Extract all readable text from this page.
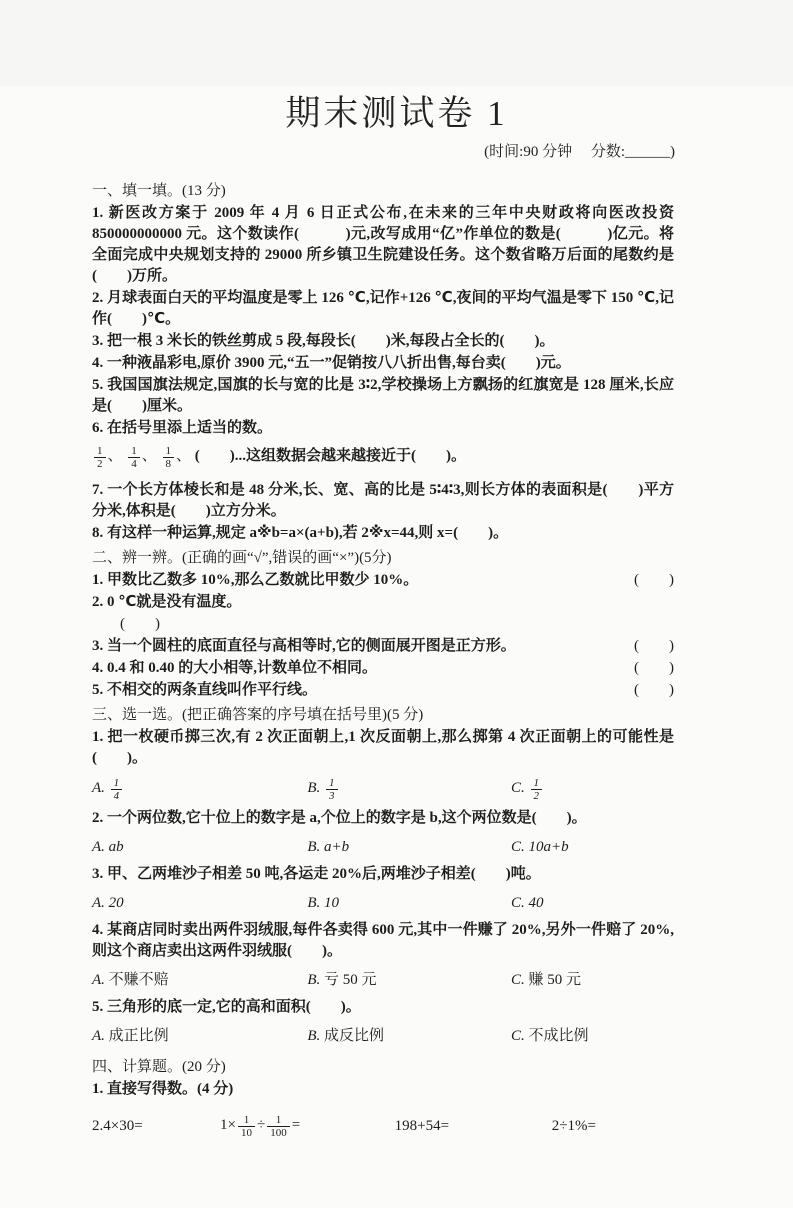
期末测试卷 1
(时间:90 分钟　 分数:______)
一、填一填。(13 分)

1. 新医改方案于 2009 年 4 月 6 日正式公布,在未来的三年中央财政将向医改投资 850000000000 元。这个数读作(　　　)元,改写成用“亿”作单位的数是(　　　)亿元。将全面完成中央规划支持的 29000 所乡镇卫生院建设任务。这个数省略万后面的尾数约是(　　)万所。

2. 月球表面白天的平均温度是零上 126 ℃,记作+126 ℃,夜间的平均气温是零下 150 ℃,记作(　　)℃。

3. 把一根 3 米长的铁丝剪成 5 段,每段长(　　)米,每段占全长的(　　)。

4. 一种液晶彩电,原价 3900 元,“五一”促销按八八折出售,每台卖(　　)元。

5. 我国国旗法规定,国旗的长与宽的比是 3∶2,学校操场上方飘扬的红旗宽是 128 厘米,长应是(　　)厘米。

6. 在括号里添上适当的数。

$\frac{1}{2}$ 、 $\frac{1}{4}$ 、 $\frac{1}{8}$ 、 (　　)...这组数据会越来越接近于(　　)。

7. 一个长方体棱长和是 48 分米,长、宽、高的比是 5∶4∶3,则长方体的表面积是(　　)平方分米,体积是(　　)立方分米。

8. 有这样一种运算,规定 a※b=a×(a+b),若 2※x=44,则 x=(　　)。

二、辨一辨。(正确的画“√”,错误的画“×”)(5分)
1. 甲数比乙数多 10%,那么乙数就比甲数少 10%。	(　　)
2. 0 ℃就是没有温度。
(　　)
3. 当一个圆柱的底面直径与高相等时,它的侧面展开图是正方形。	(　　)
4. 0.4 和 0.40 的大小相等,计数单位不相同。	(　　)
5. 不相交的两条直线叫作平行线。	(　　)
三、选一选。(把正确答案的序号填在括号里)(5 分)

1. 把一枚硬币掷三次,有 2 次正面朝上,1 次反面朝上,那么掷第 4 次正面朝上的可能性是(　　)。

A. $\frac{1}{4}$	B. $\frac{1}{3}$	C. $\frac{1}{2}$

2. 一个两位数,它十位上的数字是 a,个位上的数字是 b,这个两位数是(　　)。

A. ab	B. a+b	C. 10a+b

3. 甲、乙两堆沙子相差 50 吨,各运走 20%后,两堆沙子相差(　　)吨。

A. 20	B. 10	C. 40

4. 某商店同时卖出两件羽绒服,每件各卖得 600 元,其中一件赚了 20%,另外一件赔了 20%,则这个商店卖出这两件羽绒服(　　)。

A. 不赚不赔	B. 亏 50 元	C. 赚 50 元

5. 三角形的底一定,它的高和面积(　　)。

A. 成正比例	B. 成反比例	C. 不成比例
四、计算题。(20 分)

1. 直接写得数。(4 分)

2.4×30=	$1\times \frac{1}{10} \div \frac{1}{100}$ =	198+54=	2÷1%=
